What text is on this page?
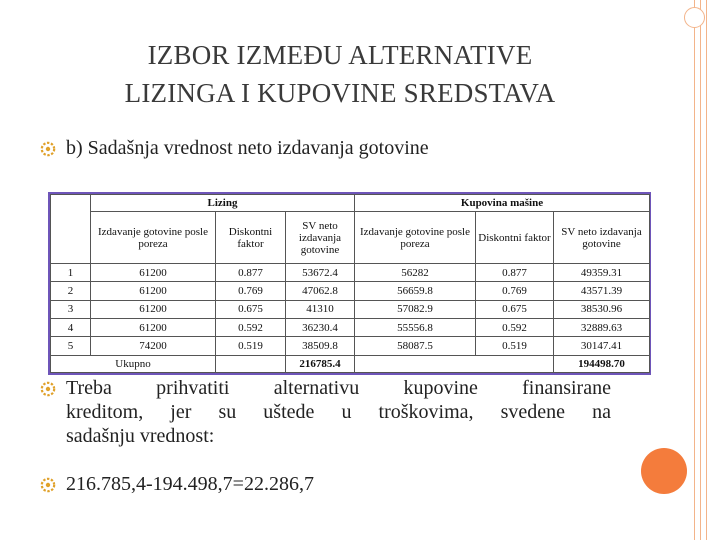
IZBOR IZMEĐU ALTERNATIVE
LIZINGA I KUPOVINE SREDSTAVA
b) Sadašnja vrednost neto izdavanja gotovine
	Lizing			Kupovina mašine		
	Izdavanje gotovine posle poreza	Diskontni faktor	SV neto izdavanja gotovine	Izdavanje gotovine posle poreza	Diskontni faktor	SV neto izdavanja gotovine
1	61200	0.877	53672.4	56282	0.877	49359.31
2	61200	0.769	47062.8	56659.8	0.769	43571.39
3	61200	0.675	41310	57082.9	0.675	38530.96
4	61200	0.592	36230.4	55556.8	0.592	32889.63
5	74200	0.519	38509.8	58087.5	0.519	30147.41
Ukupno			216785.4			194498.70
Treba prihvatiti alternativu kupovine finansirane
kreditom, jer su uštede u troškovima, svedene na
sadašnju vrednost:
216.785,4-194.498,7=22.286,7
